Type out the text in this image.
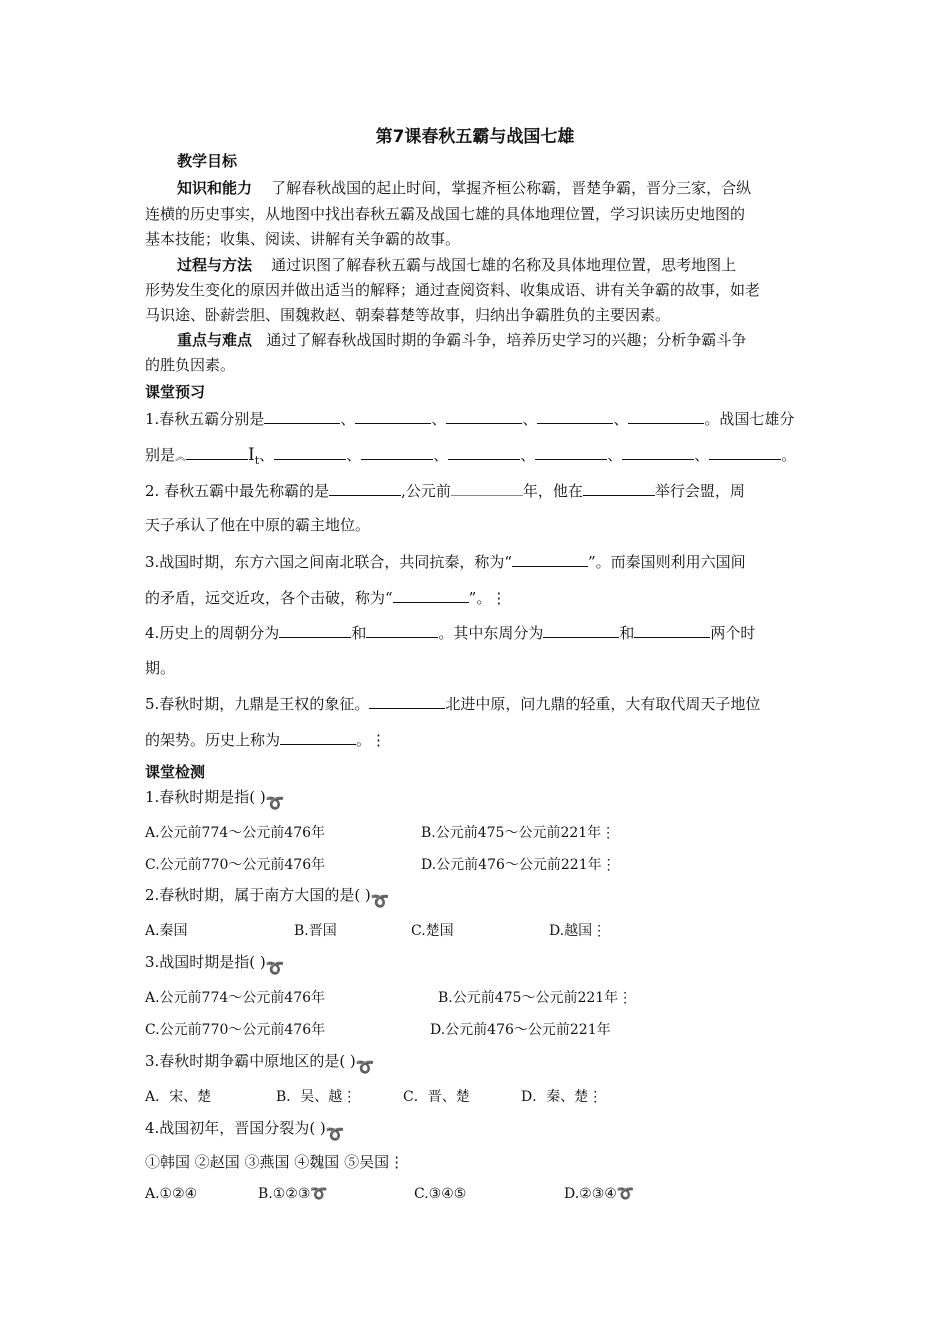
第7课春秋五霸与战国七雄
教学目标
知识和能力 了解春秋战国的起止时间，掌握齐桓公称霸，晋楚争霸，晋分三家，合纵
连横的历史事实，从地图中找出春秋五霸及战国七雄的具体地理位置，学习识读历史地图的
基本技能；收集、阅读、讲解有关争霸的故事。
过程与方法 通过识图了解春秋五霸与战国七雄的名称及具体地理位置，思考地图上
形势发生变化的原因并做出适当的解释；通过查阅资料、收集成语、讲有关争霸的故事，如老
马识途、卧薪尝胆、围魏救赵、朝秦暮楚等故事，归纳出争霸胜负的主要因素。
重点与难点 通过了解春秋战国时期的争霸斗争，培养历史学习的兴趣；分析争霸斗争
的胜负因素。
课堂预习
1.春秋五霸分别是	、	、	、	、	。战国七雄分
别是︽	$I_t$、	、	、	、	、	、	。
2. 春秋五霸中最先称霸的是	,公元前	年，他在	举行会盟，周
天子承认了他在中原的霸主地位。
3.战国时期，东方六国之间南北联合，共同抗秦，称为“	”。而秦国则利用六国间
的矛盾，远交近攻，各个击破，称为“	”。⋮
4.历史上的周朝分为	和	。其中东周分为	和	两个时
期。
5.春秋时期，九鼎是王权的象征。	北进中原，问九鼎的轻重，大有取代周天子地位
的架势。历史上称为	。⋮
课堂检测
1.春秋时期是指( )➰
A.公元前774～公元前476年	B.公元前475～公元前221年⋮
C.公元前770～公元前476年	D.公元前476～公元前221年⋮
2.春秋时期，属于南方大国的是( )➰
A.秦国	B.晋国	C.楚国	D.越国⋮
3.战国时期是指( )➰
A.公元前774～公元前476年	B.公元前475～公元前221年⋮
C.公元前770～公元前476年	D.公元前476～公元前221年
3.春秋时期争霸中原地区的是( )➰
A．宋、楚	B．吴、越⋮	C．晋、楚	D．秦、楚⋮
4.战国初年，晋国分裂为( )➰
①韩国 ②赵国 ③燕国 ④魏国 ⑤吴国⋮
A.①②④	B.①②③➰	C.③④⑤	D.②③④➰
